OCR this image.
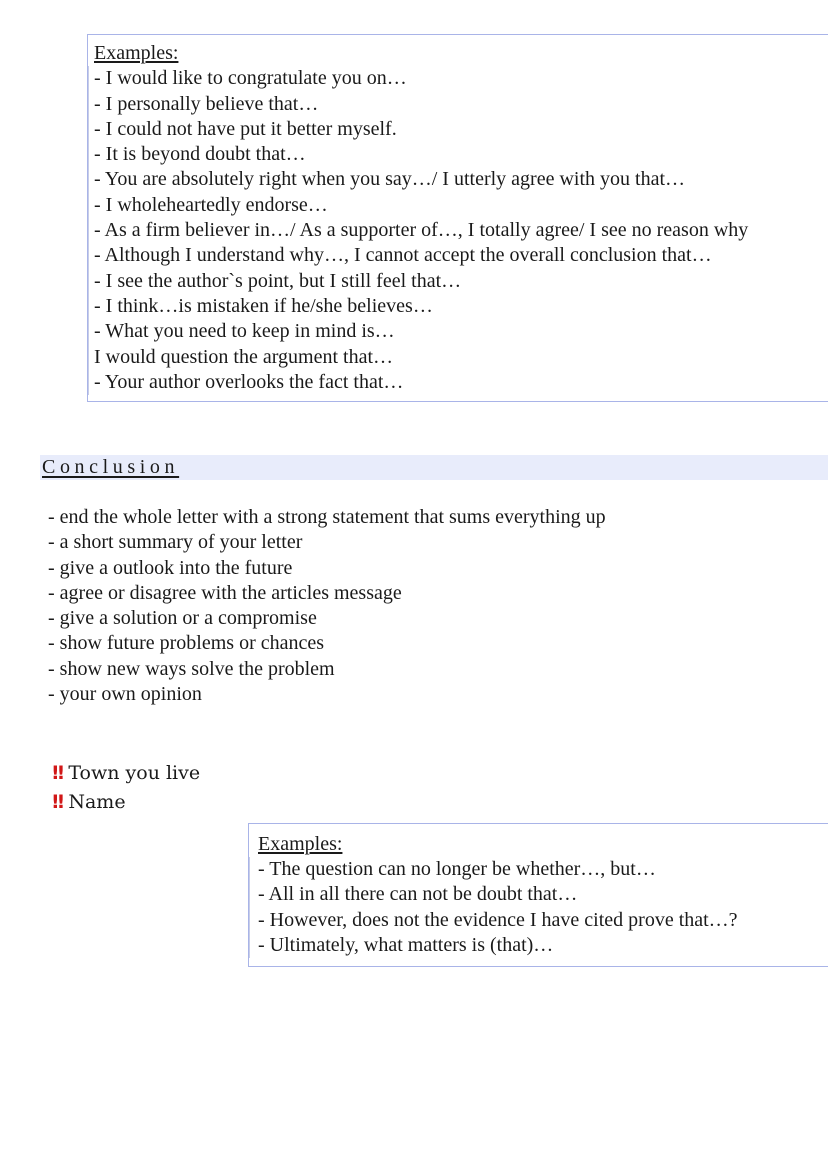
Examples:
- I would like to congratulate you on…
- I personally believe that…
- I could not have put it better myself.
- It is beyond doubt that…
- You are absolutely right when you say…/ I utterly agree with you that…
- I wholeheartedly endorse…
- As a firm believer in…/ As a supporter of…, I totally agree/ I see no reason why
- Although I understand why…, I cannot accept the overall conclusion that…
- I see the author`s point, but I still feel that…
- I think…is mistaken if he/she believes…
- What you need to keep in mind is…
I would question the argument that…
- Your author overlooks the fact that…
Conclusion
- end the whole letter with a strong statement that sums everything up
- a short summary of your letter
- give a outlook into the future
- agree or disagree with the articles message
- give a solution or a compromise
- show future problems or chances
- show new ways solve the problem
- your own opinion
!! Town you live
!! Name
Examples:
- The question can no longer be whether…, but…
- All in all there can not be doubt that…
- However, does not the evidence I have cited prove that…?
- Ultimately, what matters is (that)…
